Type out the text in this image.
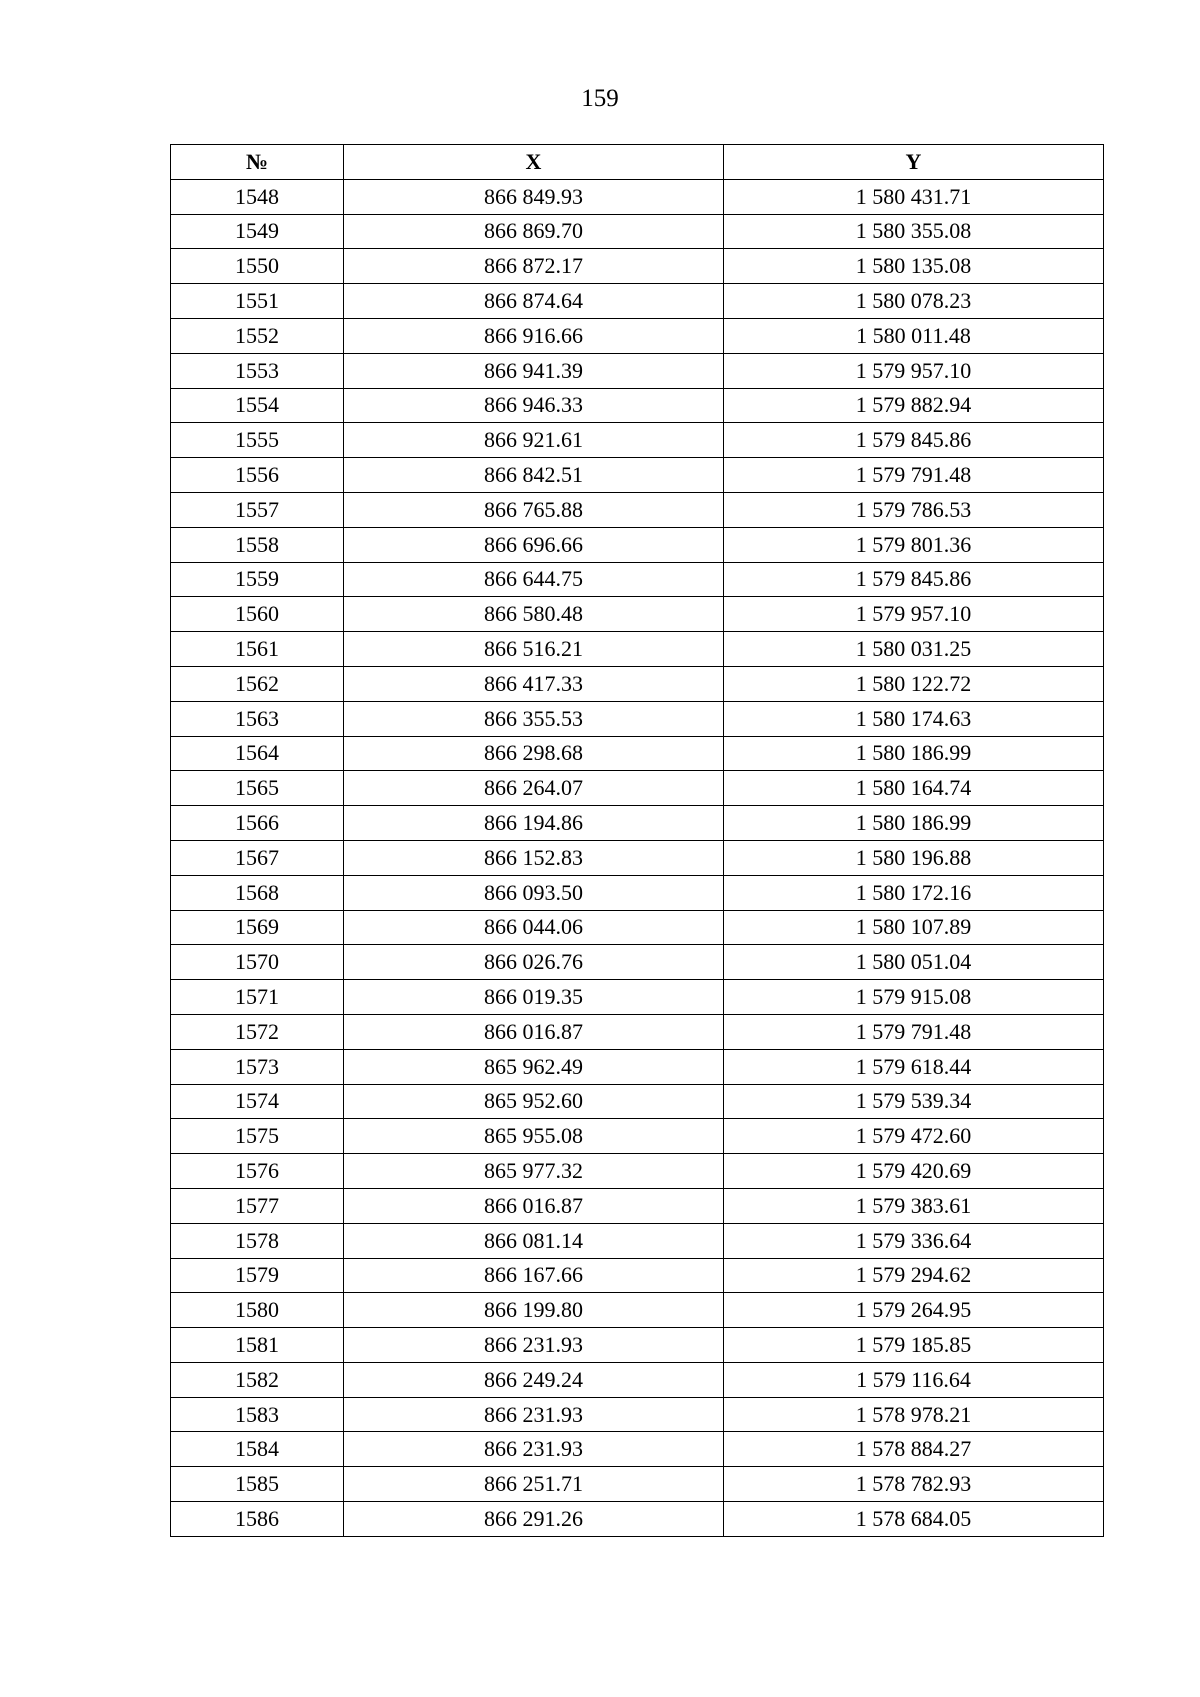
159
№	X	Y
1548	866 849.93	1 580 431.71
1549	866 869.70	1 580 355.08
1550	866 872.17	1 580 135.08
1551	866 874.64	1 580 078.23
1552	866 916.66	1 580 011.48
1553	866 941.39	1 579 957.10
1554	866 946.33	1 579 882.94
1555	866 921.61	1 579 845.86
1556	866 842.51	1 579 791.48
1557	866 765.88	1 579 786.53
1558	866 696.66	1 579 801.36
1559	866 644.75	1 579 845.86
1560	866 580.48	1 579 957.10
1561	866 516.21	1 580 031.25
1562	866 417.33	1 580 122.72
1563	866 355.53	1 580 174.63
1564	866 298.68	1 580 186.99
1565	866 264.07	1 580 164.74
1566	866 194.86	1 580 186.99
1567	866 152.83	1 580 196.88
1568	866 093.50	1 580 172.16
1569	866 044.06	1 580 107.89
1570	866 026.76	1 580 051.04
1571	866 019.35	1 579 915.08
1572	866 016.87	1 579 791.48
1573	865 962.49	1 579 618.44
1574	865 952.60	1 579 539.34
1575	865 955.08	1 579 472.60
1576	865 977.32	1 579 420.69
1577	866 016.87	1 579 383.61
1578	866 081.14	1 579 336.64
1579	866 167.66	1 579 294.62
1580	866 199.80	1 579 264.95
1581	866 231.93	1 579 185.85
1582	866 249.24	1 579 116.64
1583	866 231.93	1 578 978.21
1584	866 231.93	1 578 884.27
1585	866 251.71	1 578 782.93
1586	866 291.26	1 578 684.05
